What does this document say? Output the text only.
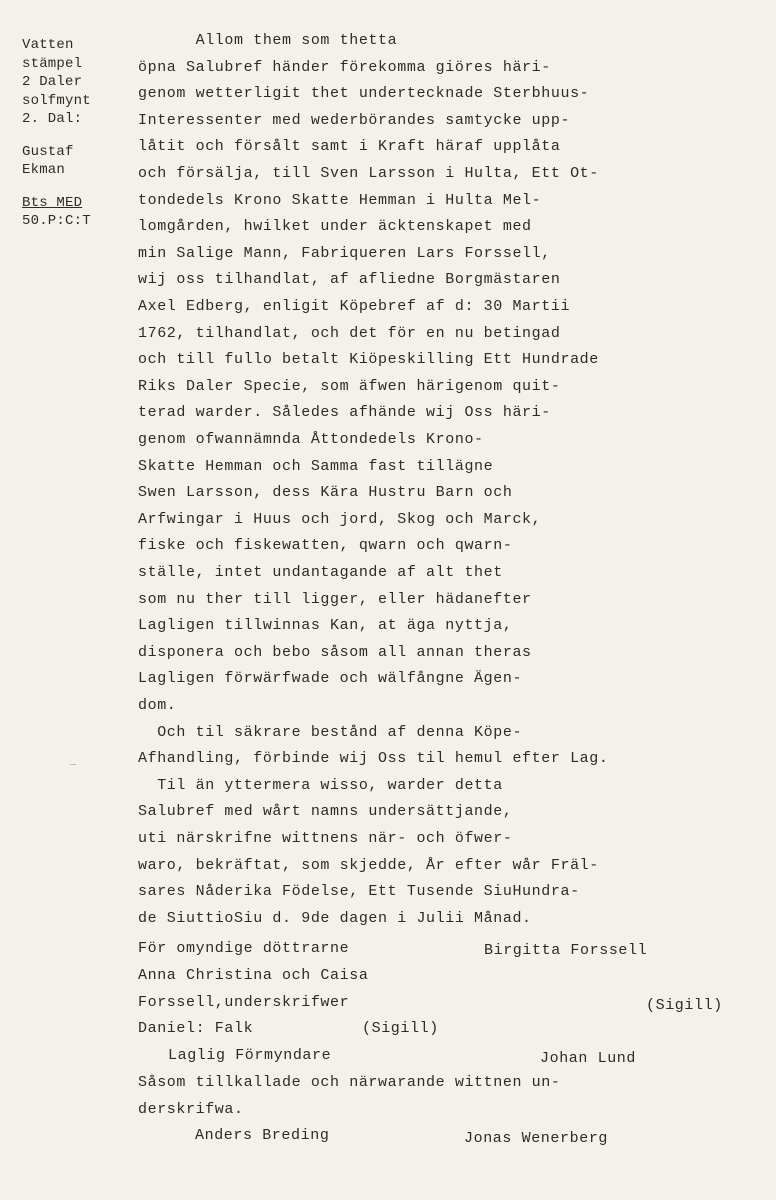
Vatten
stämpel
2 Daler
solfmynt
2. Dal:
Gustaf
Ekman
Bts MED
50.P:C:T
Allom them som thetta
öpna Salubref händer förekomma giöres häri-
genom wetterligit thet undertecknade Sterbhuus-
Interessenter med wederbörandes samtycke upp-
låtit och försålt samt i Kraft häraf upplåta
och försälja, till Sven Larsson i Hulta, Ett Ot-
tondedels Krono Skatte Hemman i Hulta Mel-
lomgården, hwilket under äcktenskapet med
min Salige Mann, Fabriqueren Lars Forssell,
wij oss tilhandlat, af afliedne Borgmästaren
Axel Edberg, enligit Köpebref af d: 30 Martii
1762, tilhandlat, och det för en nu betingad
och till fullo betalt Kiöpeskilling Ett Hundrade
Riks Daler Specie, som äfwen härigenom quit-
terad warder. Således afhände wij Oss häri-
genom ofwannämnda Åttondedels Krono-
Skatte Hemman och Samma fast tillägne
Swen Larsson, dess Kära Hustru Barn och
Arfwingar i Huus och jord, Skog och Marck,
fiske och fiskewatten, qwarn och qwarn-
ställe, intet undantagande af alt thet
som nu ther till ligger, eller hädanefter
Lagligen tillwinnas Kan, at äga nyttja,
disponera och bebo såsom all annan theras
Lagligen förwärfwade och wälfångne Ägen-
dom.
Och til säkrare bestånd af denna Köpe-
Afhandling, förbinde wij Oss til hemul efter Lag.
Til än yttermera wisso, warder detta
Salubref med wårt namns undersättjande,
uti närskrifne wittnens när- och öfwer-
waro, bekräftat, som skjedde, År efter wår Fräl-
sares Nåderika Födelse, Ett Tusende SiuHundra-
de SiuttioSiu d. 9de dagen i Julii Månad.
För omyndige döttrarne
Anna Christina och Caisa
Forssell,underskrifwer
Daniel: Falk	(Sigill)
Laglig Förmyndare
Birgitta Forssell
(Sigill)
Johan Lund
Såsom tillkallade och närwarande wittnen un-
derskrifwa.
Anders Breding	Jonas Wenerberg
